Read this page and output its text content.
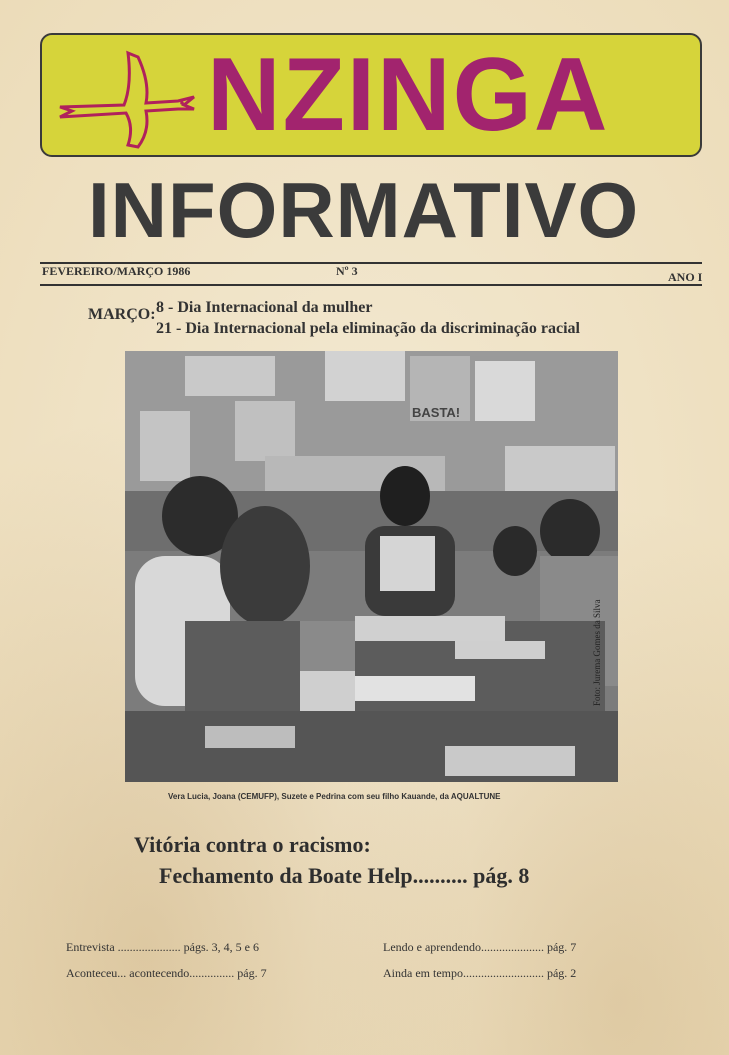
NZINGA
INFORMATIVO
FEVEREIRO/MARÇO 1986	Nº 3	ANO I
MARÇO: 8 - Dia Internacional da mulher
21 - Dia Internacional pela eliminação da discriminação racial
BASTA!
Foto: Jurema Gomes da Silva
Vera Lucia, Joana (CEMUFP), Suzete e Pedrina com seu filho Kauande, da AQUALTUNE
Vitória contra o racismo:
Fechamento da Boate Help.......... pág. 8
Entrevista ..................... págs. 3, 4, 5 e 6	Lendo e aprendendo..................... pág. 7
Aconteceu... acontecendo............... pág. 7	Ainda em tempo........................... pág. 2
